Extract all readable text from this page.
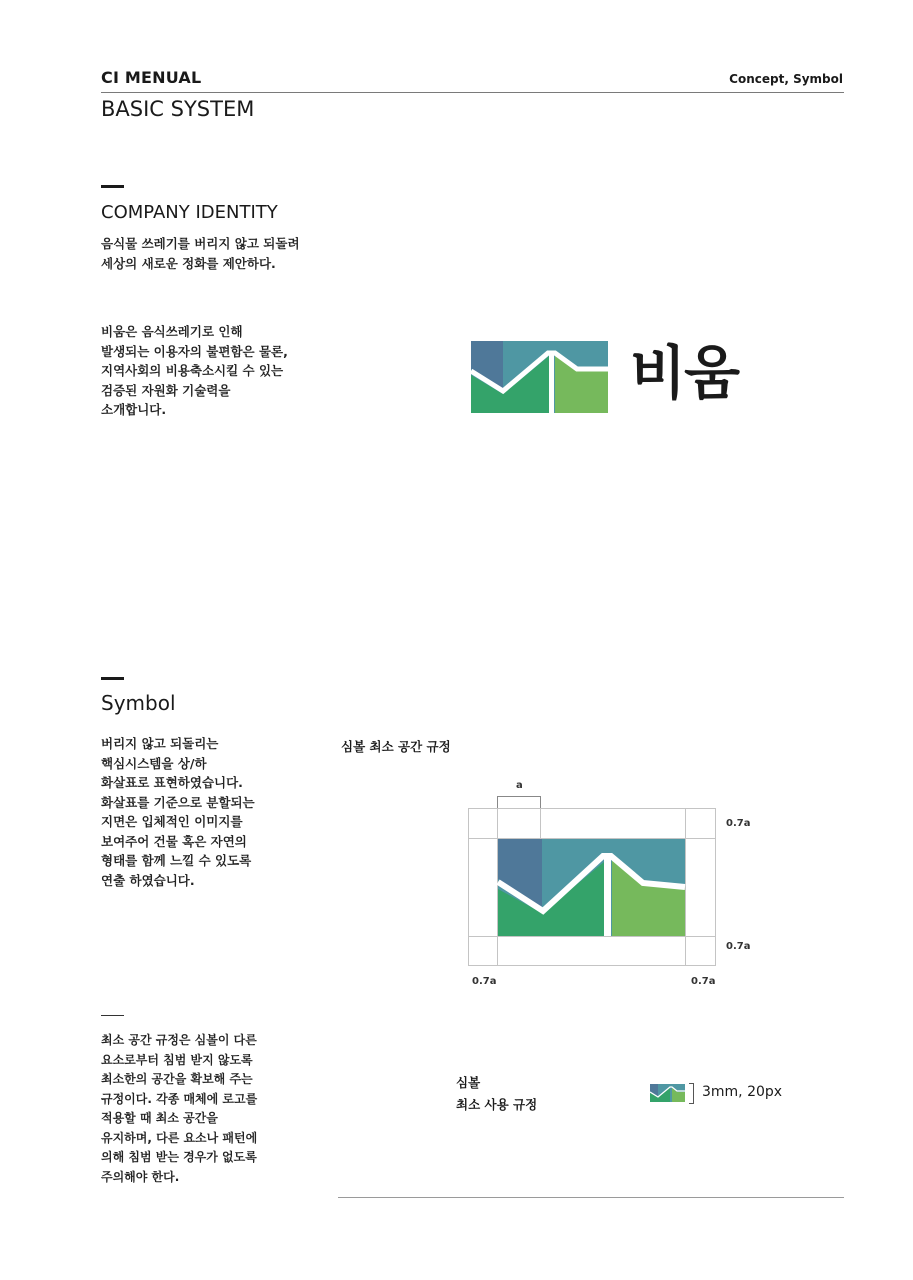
CI MENUAL	Concept, Symbol
BASIC SYSTEM
COMPANY IDENTITY
음식물 쓰레기를 버리지 않고 되돌려
세상의 새로운 정화를 제안하다.
비움은 음식쓰레기로 인해
발생되는 이용자의 불편함은 물론,
지역사회의 비용축소시킬 수 있는
검증된 자원화 기술력을
소개합니다.
비움
Symbol
버리지 않고 되돌리는
핵심시스템을 상/하
화살표로 표현하였습니다.
화살표를 기준으로 분할되는
지면은 입체적인 이미지를
보여주어 건물 혹은 자연의
형태를 함께 느낄 수 있도록
연출 하였습니다.
심볼 최소 공간 규정
a
0.7a
0.7a
0.7a	0.7a
최소 공간 규정은 심볼이 다른
요소로부터 침범 받지 않도록
최소한의 공간을 확보해 주는
규정이다. 각종 매체에 로고를
적용할 때 최소 공간을
유지하며, 다른 요소나 패턴에
의해 침범 받는 경우가 없도록
주의해야 한다.
심볼
최소 사용 규정
3mm, 20px
